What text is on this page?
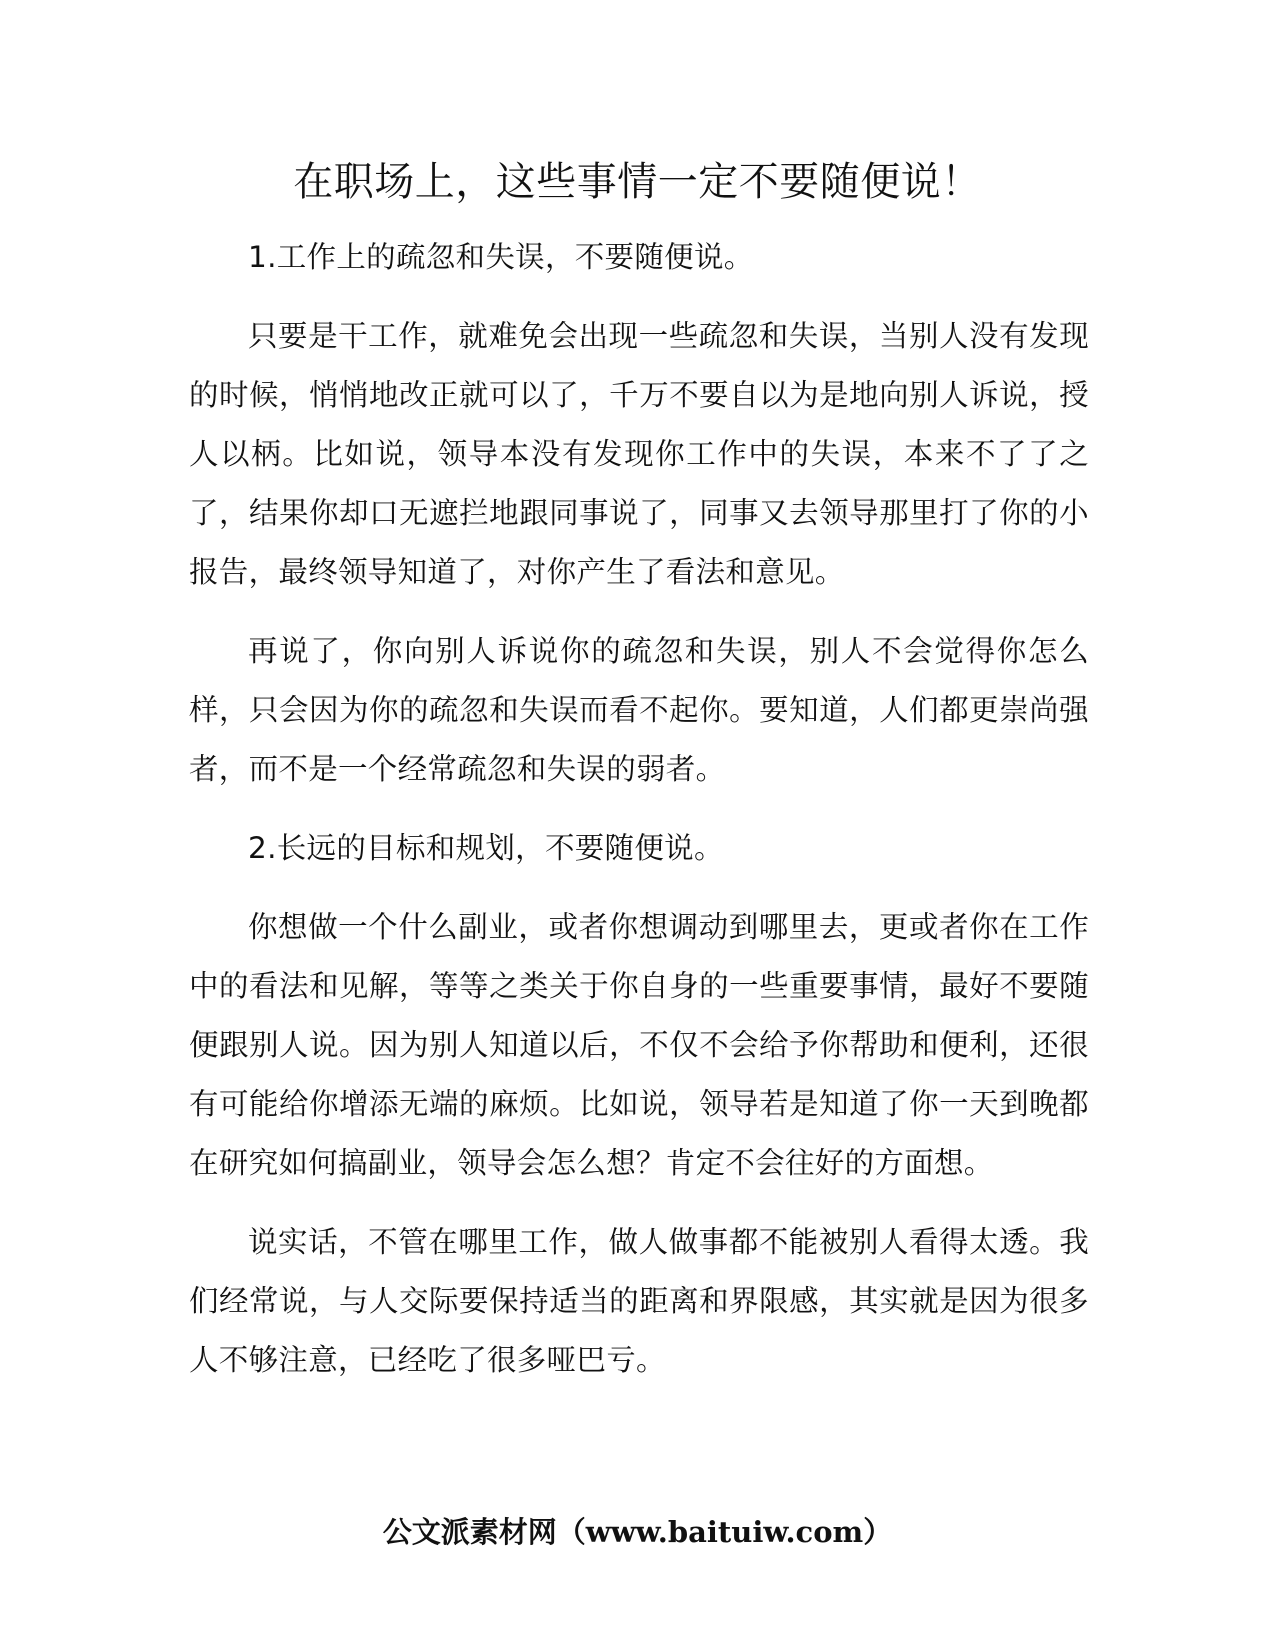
在职场上，这些事情一定不要随便说！

1.工作上的疏忽和失误，不要随便说。

只要是干工作，就难免会出现一些疏忽和失误，当别人没有发现的时候，悄悄地改正就可以了，千万不要自以为是地向别人诉说，授人以柄。比如说，领导本没有发现你工作中的失误，本来不了了之了，结果你却口无遮拦地跟同事说了，同事又去领导那里打了你的小报告，最终领导知道了，对你产生了看法和意见。

再说了，你向别人诉说你的疏忽和失误，别人不会觉得你怎么样，只会因为你的疏忽和失误而看不起你。要知道，人们都更崇尚强者，而不是一个经常疏忽和失误的弱者。

2.长远的目标和规划，不要随便说。

你想做一个什么副业，或者你想调动到哪里去，更或者你在工作中的看法和见解，等等之类关于你自身的一些重要事情，最好不要随便跟别人说。因为别人知道以后，不仅不会给予你帮助和便利，还很有可能给你增添无端的麻烦。比如说，领导若是知道了你一天到晚都在研究如何搞副业，领导会怎么想？肯定不会往好的方面想。

说实话，不管在哪里工作，做人做事都不能被别人看得太透。我们经常说，与人交际要保持适当的距离和界限感，其实就是因为很多人不够注意，已经吃了很多哑巴亏。

公文派素材网（www.baituiw.com）
